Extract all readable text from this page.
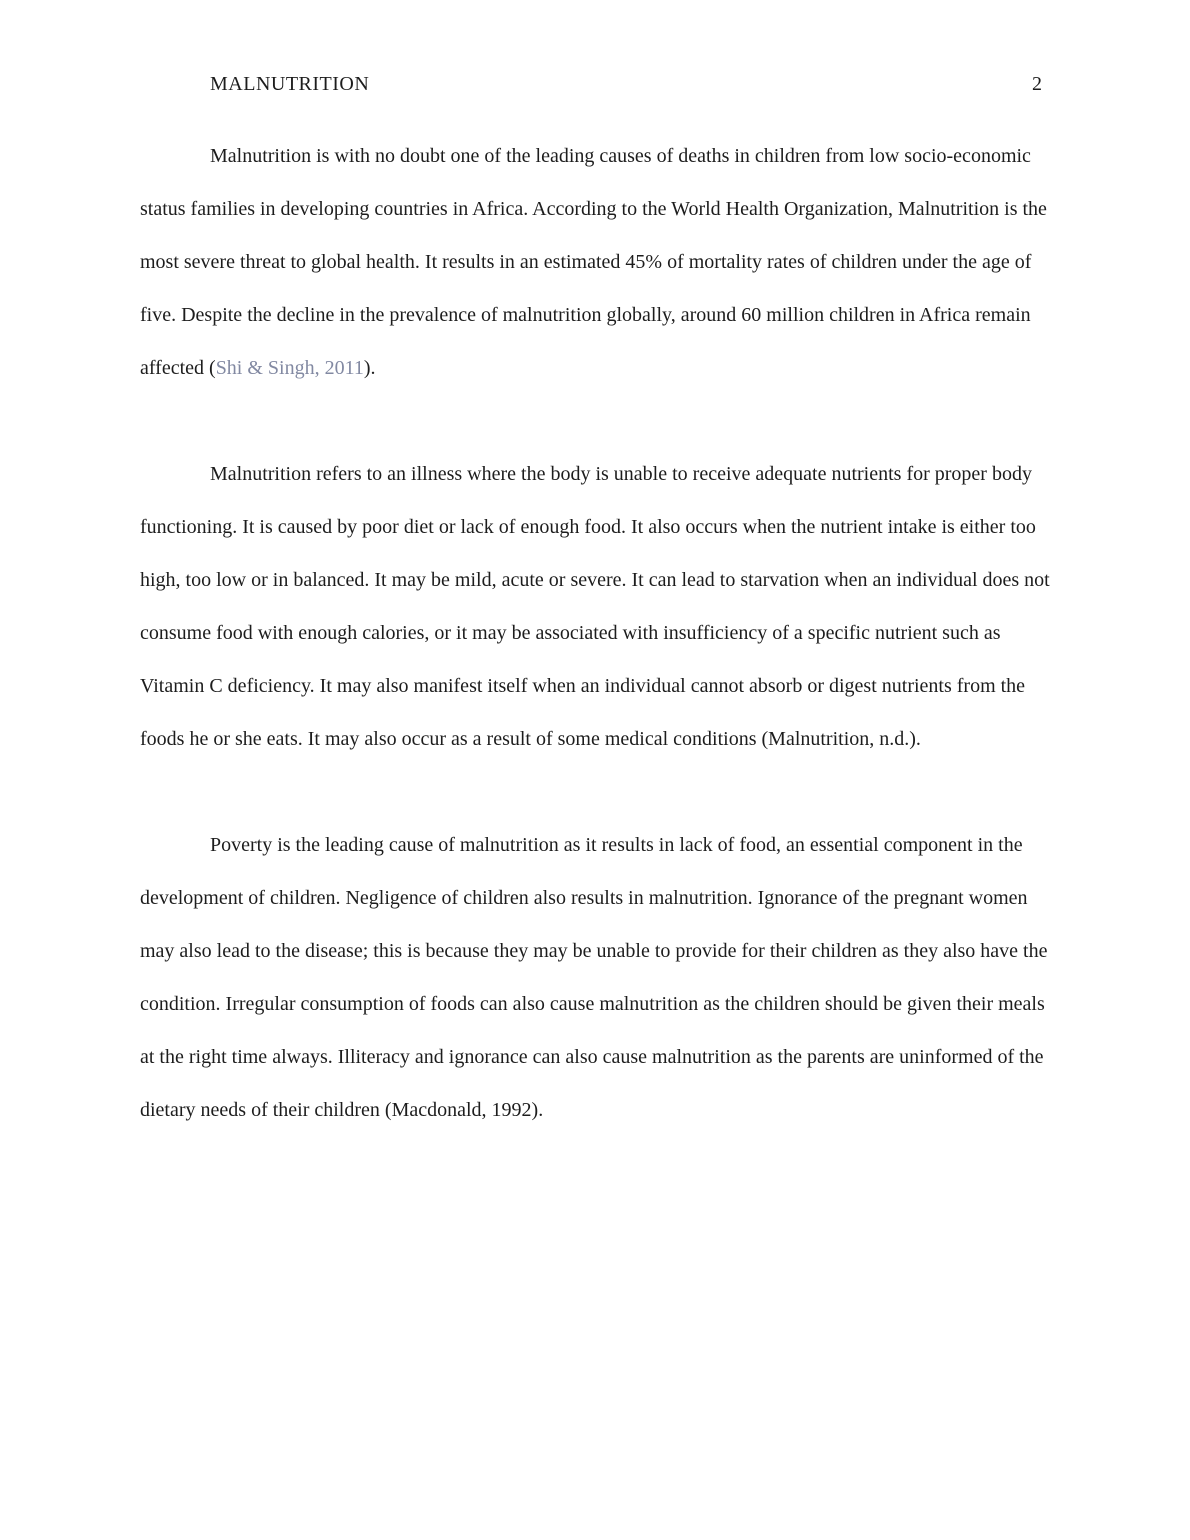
MALNUTRITION	2

Malnutrition is with no doubt one of the leading causes of deaths in children from low socio-economic status families in developing countries in Africa. According to the World Health Organization, Malnutrition is the most severe threat to global health. It results in an estimated 45% of mortality rates of children under the age of five. Despite the decline in the prevalence of malnutrition globally, around 60 million children in Africa remain affected (Shi & Singh, 2011).

Malnutrition refers to an illness where the body is unable to receive adequate nutrients for proper body functioning. It is caused by poor diet or lack of enough food. It also occurs when the nutrient intake is either too high, too low or in balanced. It may be mild, acute or severe. It can lead to starvation when an individual does not consume food with enough calories, or it may be associated with insufficiency of a specific nutrient such as Vitamin C deficiency. It may also manifest itself when an individual cannot absorb or digest nutrients from the foods he or she eats. It may also occur as a result of some medical conditions (Malnutrition, n.d.).

Poverty is the leading cause of malnutrition as it results in lack of food, an essential component in the development of children. Negligence of children also results in malnutrition. Ignorance of the pregnant women may also lead to the disease; this is because they may be unable to provide for their children as they also have the condition. Irregular consumption of foods can also cause malnutrition as the children should be given their meals at the right time always. Illiteracy and ignorance can also cause malnutrition as the parents are uninformed of the dietary needs of their children (Macdonald, 1992).
